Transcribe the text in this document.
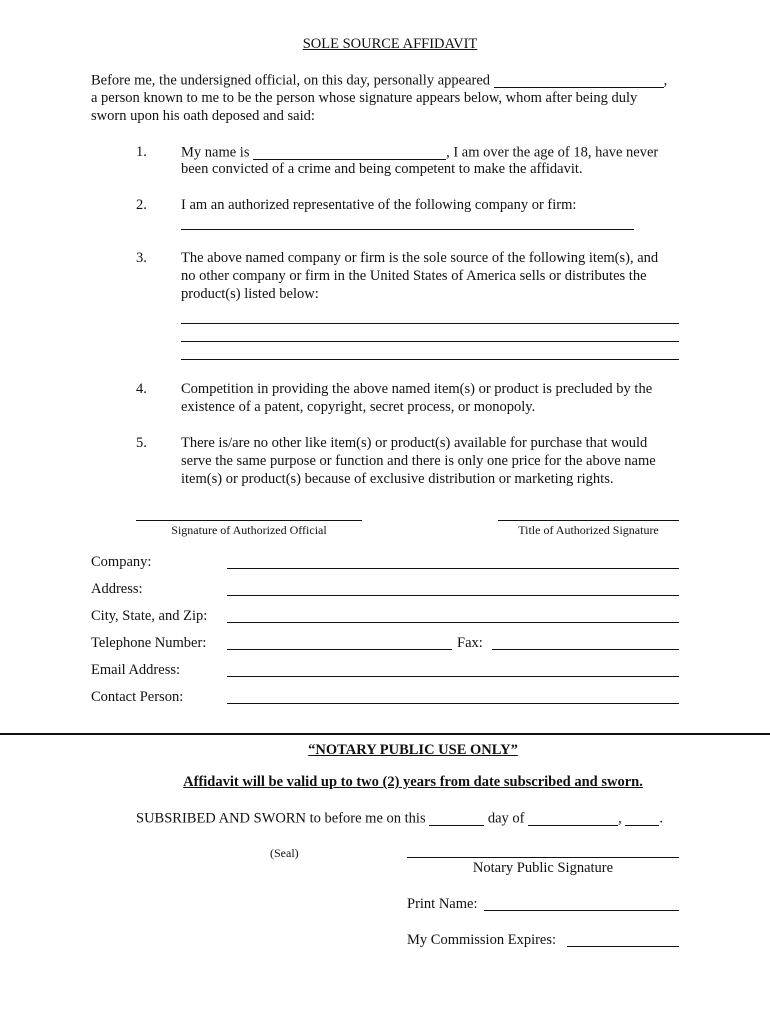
SOLE SOURCE AFFIDAVIT
Before me, the undersigned official, on this day, personally appeared	,
a person known to me to be the person whose signature appears below, whom after being duly
sworn upon his oath deposed and said:
1. My name is	, I am over the age of 18, have never
been convicted of a crime and being competent to make the affidavit.
2. I am an authorized representative of the following company or firm:
3. The above named company or firm is the sole source of the following item(s), and
no other company or firm in the United States of America sells or distributes the
product(s) listed below:
4. Competition in providing the above named item(s) or product is precluded by the
existence of a patent, copyright, secret process, or monopoly.
5. There is/are no other like item(s) or product(s) available for purchase that would
serve the same purpose or function and there is only one price for the above name
item(s) or product(s) because of exclusive distribution or marketing rights.
Signature of Authorized Official	Title of Authorized Signature
Company:
Address:
City, State, and Zip:
Telephone Number:	Fax:
Email Address:
Contact Person:
“NOTARY PUBLIC USE ONLY”
Affidavit will be valid up to two (2) years from date subscribed and sworn.
SUBSRIBED AND SWORN to before me on this	day of	,	.
(Seal)
Notary Public Signature
Print Name:
My Commission Expires:
